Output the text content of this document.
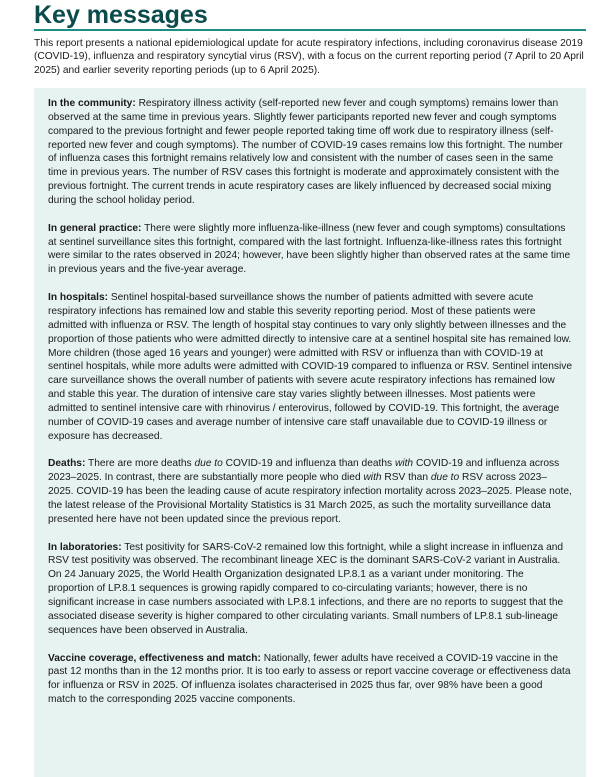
Key messages

This report presents a national epidemiological update for acute respiratory infections, including coronavirus disease 2019 (COVID-19), influenza and respiratory syncytial virus (RSV), with a focus on the current reporting period (7 April to 20 April 2025) and earlier severity reporting periods (up to 6 April 2025).

In the community: Respiratory illness activity (self-reported new fever and cough symptoms) remains lower than observed at the same time in previous years. Slightly fewer participants reported new fever and cough symptoms compared to the previous fortnight and fewer people reported taking time off work due to respiratory illness (self-reported new fever and cough symptoms). The number of COVID-19 cases remains low this fortnight. The number of influenza cases this fortnight remains relatively low and consistent with the number of cases seen in the same time in previous years. The number of RSV cases this fortnight is moderate and approximately consistent with the previous fortnight. The current trends in acute respiratory cases are likely influenced by decreased social mixing during the school holiday period.

In general practice: There were slightly more influenza-like-illness (new fever and cough symptoms) consultations at sentinel surveillance sites this fortnight, compared with the last fortnight. Influenza-like-illness rates this fortnight were similar to the rates observed in 2024; however, have been slightly higher than observed rates at the same time in previous years and the five-year average.

In hospitals: Sentinel hospital-based surveillance shows the number of patients admitted with severe acute respiratory infections has remained low and stable this severity reporting period. Most of these patients were admitted with influenza or RSV. The length of hospital stay continues to vary only slightly between illnesses and the proportion of those patients who were admitted directly to intensive care at a sentinel hospital site has remained low. More children (those aged 16 years and younger) were admitted with RSV or influenza than with COVID-19 at sentinel hospitals, while more adults were admitted with COVID-19 compared to influenza or RSV. Sentinel intensive care surveillance shows the overall number of patients with severe acute respiratory infections has remained low and stable this year. The duration of intensive care stay varies slightly between illnesses. Most patients were admitted to sentinel intensive care with rhinovirus / enterovirus, followed by COVID-19. This fortnight, the average number of COVID-19 cases and average number of intensive care staff unavailable due to COVID-19 illness or exposure has decreased.

Deaths: There are more deaths due to COVID-19 and influenza than deaths with COVID-19 and influenza across 2023–2025. In contrast, there are substantially more people who died with RSV than due to RSV across 2023–2025. COVID-19 has been the leading cause of acute respiratory infection mortality across 2023–2025. Please note, the latest release of the Provisional Mortality Statistics is 31 March 2025, as such the mortality surveillance data presented here have not been updated since the previous report.

In laboratories: Test positivity for SARS-CoV-2 remained low this fortnight, while a slight increase in influenza and RSV test positivity was observed. The recombinant lineage XEC is the dominant SARS-CoV-2 variant in Australia. On 24 January 2025, the World Health Organization designated LP.8.1 as a variant under monitoring. The proportion of LP.8.1 sequences is growing rapidly compared to co-circulating variants; however, there is no significant increase in case numbers associated with LP.8.1 infections, and there are no reports to suggest that the associated disease severity is higher compared to other circulating variants. Small numbers of LP.8.1 sub-lineage sequences have been observed in Australia.

Vaccine coverage, effectiveness and match: Nationally, fewer adults have received a COVID-19 vaccine in the past 12 months than in the 12 months prior. It is too early to assess or report vaccine coverage or effectiveness data for influenza or RSV in 2025. Of influenza isolates characterised in 2025 thus far, over 98% have been a good match to the corresponding 2025 vaccine components.
